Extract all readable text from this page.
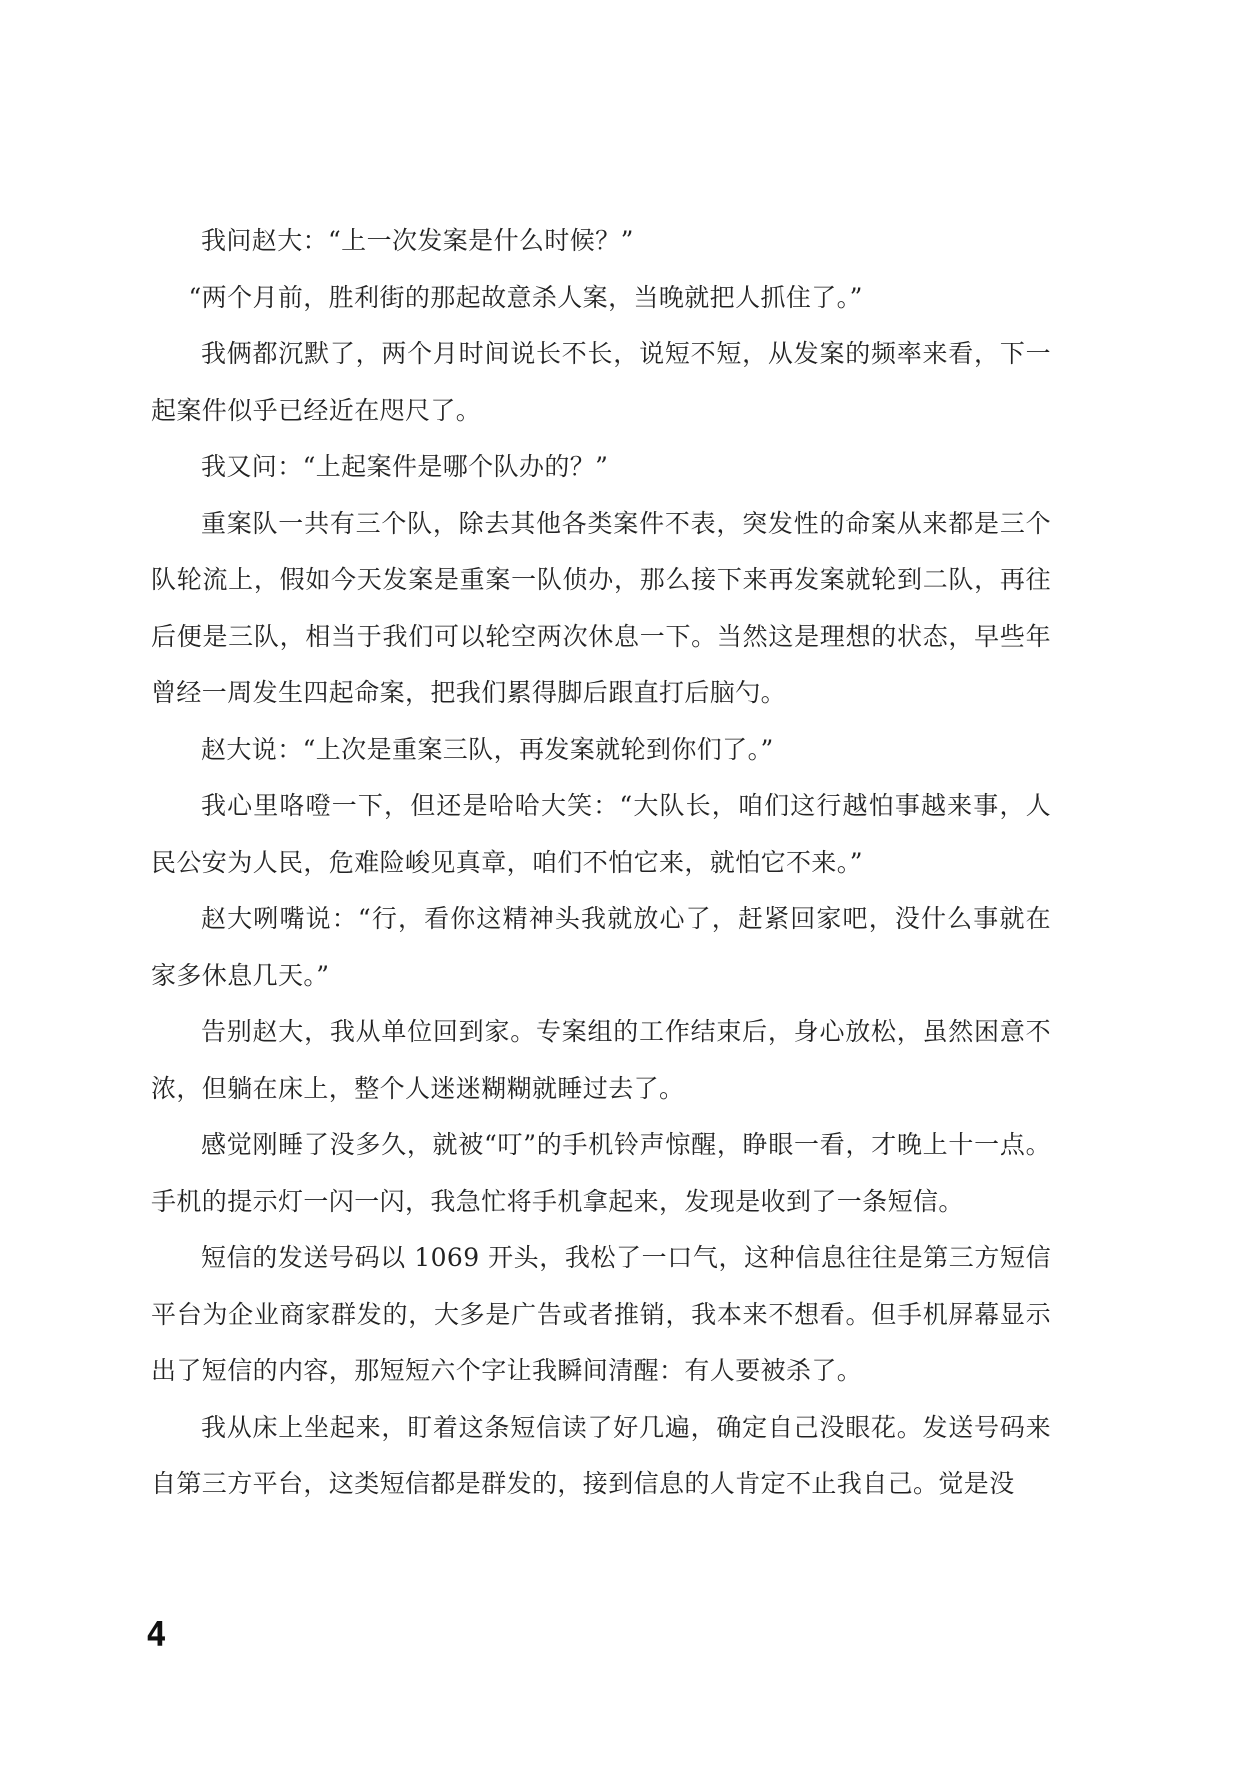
我问赵大：“上一次发案是什么时候？”

“两个月前，胜利街的那起故意杀人案，当晚就把人抓住了。”

我俩都沉默了，两个月时间说长不长，说短不短，从发案的频率来看，下一起案件似乎已经近在咫尺了。

我又问：“上起案件是哪个队办的？”

重案队一共有三个队，除去其他各类案件不表，突发性的命案从来都是三个队轮流上，假如今天发案是重案一队侦办，那么接下来再发案就轮到二队，再往后便是三队，相当于我们可以轮空两次休息一下。当然这是理想的状态，早些年曾经一周发生四起命案，把我们累得脚后跟直打后脑勺。

赵大说：“上次是重案三队，再发案就轮到你们了。”

我心里咯噔一下，但还是哈哈大笑：“大队长，咱们这行越怕事越来事，人民公安为人民，危难险峻见真章，咱们不怕它来，就怕它不来。”

赵大咧嘴说：“行，看你这精神头我就放心了，赶紧回家吧，没什么事就在家多休息几天。”

告别赵大，我从单位回到家。专案组的工作结束后，身心放松，虽然困意不浓，但躺在床上，整个人迷迷糊糊就睡过去了。

感觉刚睡了没多久，就被“叮”的手机铃声惊醒，睁眼一看，才晚上十一点。手机的提示灯一闪一闪，我急忙将手机拿起来，发现是收到了一条短信。

短信的发送号码以 1069 开头，我松了一口气，这种信息往往是第三方短信平台为企业商家群发的，大多是广告或者推销，我本来不想看。但手机屏幕显示出了短信的内容，那短短六个字让我瞬间清醒：有人要被杀了。

我从床上坐起来，盯着这条短信读了好几遍，确定自己没眼花。发送号码来自第三方平台，这类短信都是群发的，接到信息的人肯定不止我自己。觉是没

4
